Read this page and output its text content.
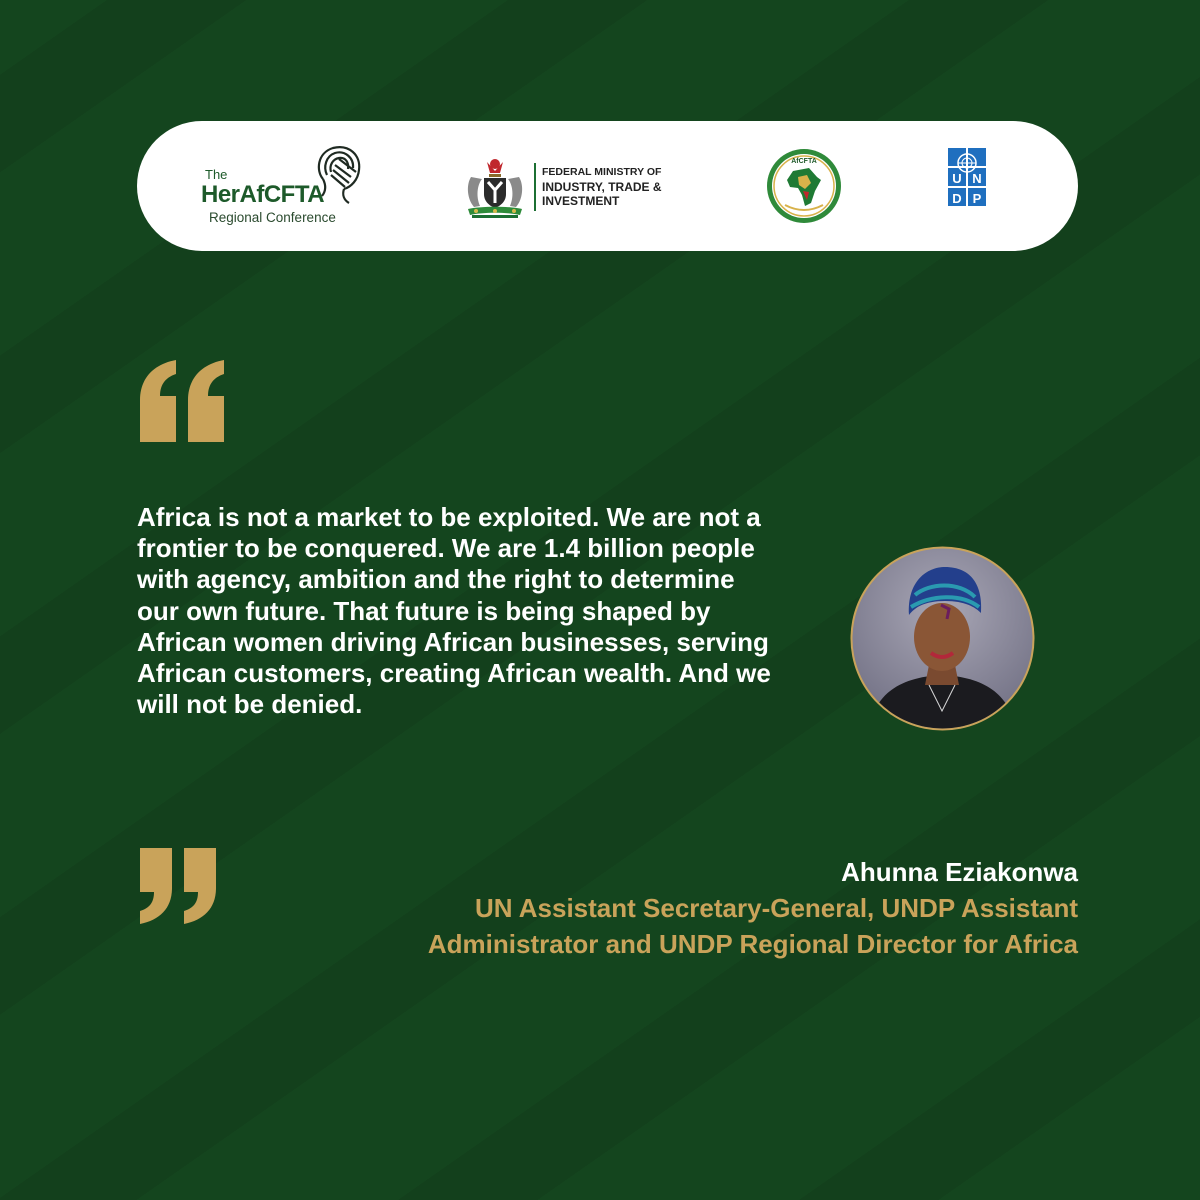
The
HerAfCFTA
Regional Conference
FEDERAL MINISTRY OF
INDUSTRY, TRADE &
INVESTMENT
AfCFTA
U N
D P

Africa is not a market to be exploited. We are not a frontier to be conquered. We are 1.4 billion people with agency, ambition and the right to determine our own future. That future is being shaped by African women driving African businesses, serving African customers, creating African wealth. And we will not be denied.

Ahunna Eziakonwa
UN Assistant Secretary-General, UNDP Assistant
Administrator and UNDP Regional Director for Africa
